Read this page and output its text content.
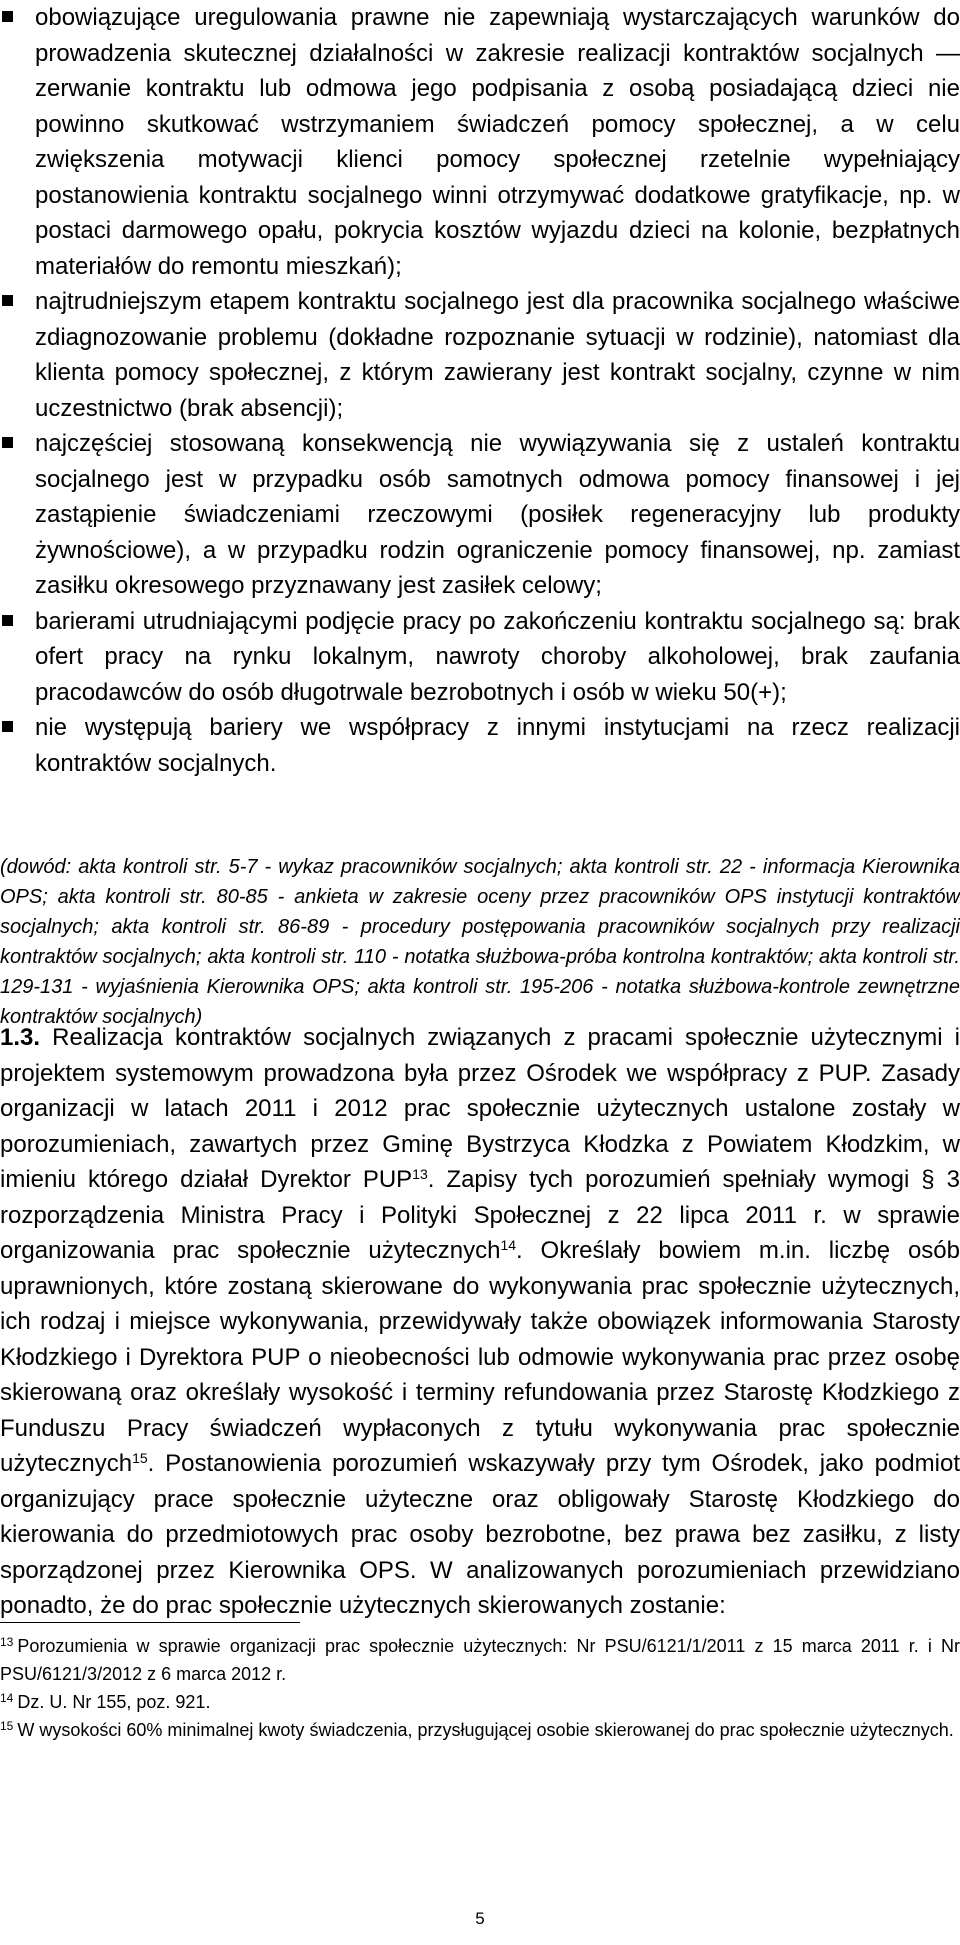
obowiązujące uregulowania prawne nie zapewniają wystarczających warunków do prowadzenia skutecznej działalności w zakresie realizacji kontraktów socjalnych — zerwanie kontraktu lub odmowa jego podpisania z osobą posiadającą dzieci nie powinno skutkować wstrzymaniem świadczeń pomocy społecznej, a w celu zwiększenia motywacji klienci pomocy społecznej rzetelnie wypełniający postanowienia kontraktu socjalnego winni otrzymywać dodatkowe gratyfikacje, np. w postaci darmowego opału, pokrycia kosztów wyjazdu dzieci na kolonie, bezpłatnych materiałów do remontu mieszkań);
najtrudniejszym etapem kontraktu socjalnego jest dla pracownika socjalnego właściwe zdiagnozowanie problemu (dokładne rozpoznanie sytuacji w rodzinie), natomiast dla klienta pomocy społecznej, z którym zawierany jest kontrakt socjalny, czynne w nim uczestnictwo (brak absencji);
najczęściej stosowaną konsekwencją nie wywiązywania się z ustaleń kontraktu socjalnego jest w przypadku osób samotnych odmowa pomocy finansowej i jej zastąpienie świadczeniami rzeczowymi (posiłek regeneracyjny lub produkty żywnościowe), a w przypadku rodzin ograniczenie pomocy finansowej, np. zamiast zasiłku okresowego przyznawany jest zasiłek celowy;
barierami utrudniającymi podjęcie pracy po zakończeniu kontraktu socjalnego są: brak ofert pracy na rynku lokalnym, nawroty choroby alkoholowej, brak zaufania pracodawców do osób długotrwale bezrobotnych i osób w wieku 50(+);
nie występują bariery we współpracy z innymi instytucjami na rzecz realizacji kontraktów socjalnych.

(dowód: akta kontroli str. 5-7 - wykaz pracowników socjalnych; akta kontroli str. 22 - informacja Kierownika OPS; akta kontroli str. 80-85 - ankieta w zakresie oceny przez pracowników OPS instytucji kontraktów socjalnych; akta kontroli str. 86-89 - procedury postępowania pracowników socjalnych przy realizacji kontraktów socjalnych; akta kontroli str. 110 - notatka służbowa-próba kontrolna kontraktów; akta kontroli str. 129-131 - wyjaśnienia Kierownika OPS; akta kontroli str. 195-206 - notatka służbowa-kontrole zewnętrzne kontraktów socjalnych)

1.3. Realizacja kontraktów socjalnych związanych z pracami społecznie użytecznymi i projektem systemowym prowadzona była przez Ośrodek we współpracy z PUP. Zasady organizacji w latach 2011 i 2012 prac społecznie użytecznych ustalone zostały w porozumieniach, zawartych przez Gminę Bystrzyca Kłodzka z Powiatem Kłodzkim, w imieniu którego działał Dyrektor PUP$^{13}$. Zapisy tych porozumień spełniały wymogi § 3 rozporządzenia Ministra Pracy i Polityki Społecznej z 22 lipca 2011 r. w sprawie organizowania prac społecznie użytecznych$^{14}$. Określały bowiem m.in. liczbę osób uprawnionych, które zostaną skierowane do wykonywania prac społecznie użytecznych, ich rodzaj i miejsce wykonywania, przewidywały także obowiązek informowania Starosty Kłodzkiego i Dyrektora PUP o nieobecności lub odmowie wykonywania prac przez osobę skierowaną oraz określały wysokość i terminy refundowania przez Starostę Kłodzkiego z Funduszu Pracy świadczeń wypłaconych z tytułu wykonywania prac społecznie użytecznych$^{15}$. Postanowienia porozumień wskazywały przy tym Ośrodek, jako podmiot organizujący prace społecznie użyteczne oraz obligowały Starostę Kłodzkiego do kierowania do przedmiotowych prac osoby bezrobotne, bez prawa bez zasiłku, z listy sporządzonej przez Kierownika OPS. W analizowanych porozumieniach przewidziano ponadto, że do prac społecznie użytecznych skierowanych zostanie:

$^{13}$ Porozumienia w sprawie organizacji prac społecznie użytecznych: Nr PSU/6121/1/2011 z 15 marca 2011 r. i Nr PSU/6121/3/2012 z 6 marca 2012 r.

$^{14}$ Dz. U. Nr 155, poz. 921.

$^{15}$ W wysokości 60% minimalnej kwoty świadczenia, przysługującej osobie skierowanej do prac społecznie użytecznych.

5
